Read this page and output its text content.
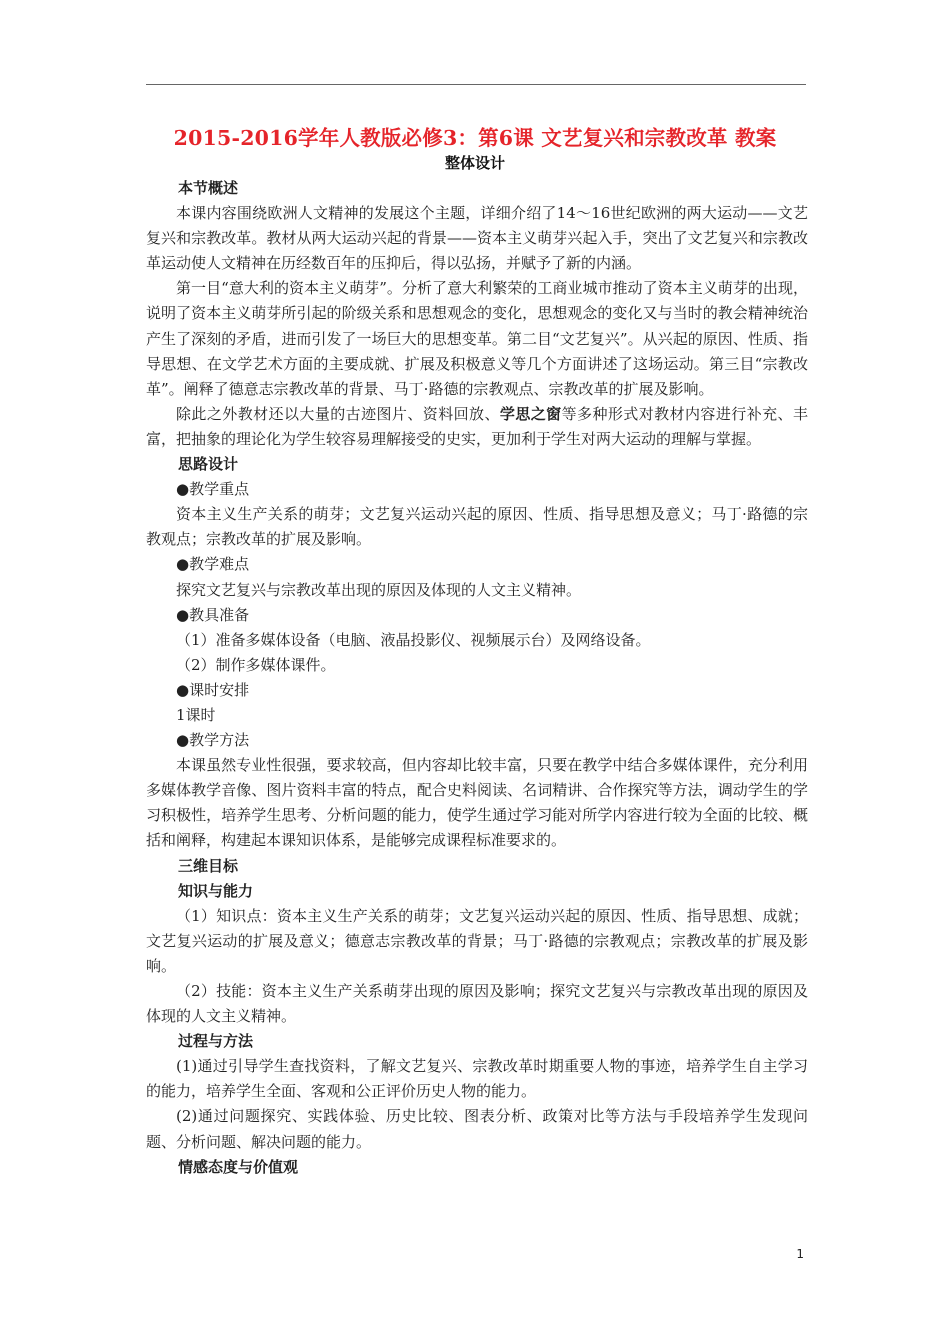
2015-2016学年人教版必修3：第6课 文艺复兴和宗教改革 教案
整体设计

本节概述

本课内容围绕欧洲人文精神的发展这个主题，详细介绍了14～16世纪欧洲的两大运动——文艺复兴和宗教改革。教材从两大运动兴起的背景——资本主义萌芽兴起入手，突出了文艺复兴和宗教改革运动使人文精神在历经数百年的压抑后，得以弘扬，并赋予了新的内涵。

第一目“意大利的资本主义萌芽”。分析了意大利繁荣的工商业城市推动了资本主义萌芽的出现，说明了资本主义萌芽所引起的阶级关系和思想观念的变化，思想观念的变化又与当时的教会精神统治产生了深刻的矛盾，进而引发了一场巨大的思想变革。第二目“文艺复兴”。从兴起的原因、性质、指导思想、在文学艺术方面的主要成就、扩展及积极意义等几个方面讲述了这场运动。第三目“宗教改革”。阐释了德意志宗教改革的背景、马丁·路德的宗教观点、宗教改革的扩展及影响。

除此之外教材还以大量的古迹图片、资料回放、学思之窗等多种形式对教材内容进行补充、丰富，把抽象的理论化为学生较容易理解接受的史实，更加利于学生对两大运动的理解与掌握。

思路设计

●教学重点

资本主义生产关系的萌芽；文艺复兴运动兴起的原因、性质、指导思想及意义；马丁·路德的宗教观点；宗教改革的扩展及影响。

●教学难点

探究文艺复兴与宗教改革出现的原因及体现的人文主义精神。

●教具准备

（1）准备多媒体设备（电脑、液晶投影仪、视频展示台）及网络设备。

（2）制作多媒体课件。

●课时安排

1课时

●教学方法

本课虽然专业性很强，要求较高，但内容却比较丰富，只要在教学中结合多媒体课件，充分利用多媒体教学音像、图片资料丰富的特点，配合史料阅读、名词精讲、合作探究等方法，调动学生的学习积极性，培养学生思考、分析问题的能力，使学生通过学习能对所学内容进行较为全面的比较、概括和阐释，构建起本课知识体系，是能够完成课程标准要求的。

三维目标

知识与能力

（1）知识点：资本主义生产关系的萌芽；文艺复兴运动兴起的原因、性质、指导思想、成就；文艺复兴运动的扩展及意义；德意志宗教改革的背景；马丁·路德的宗教观点；宗教改革的扩展及影响。

（2）技能：资本主义生产关系萌芽出现的原因及影响；探究文艺复兴与宗教改革出现的原因及体现的人文主义精神。

过程与方法

(1)通过引导学生查找资料，了解文艺复兴、宗教改革时期重要人物的事迹，培养学生自主学习的能力，培养学生全面、客观和公正评价历史人物的能力。

(2)通过问题探究、实践体验、历史比较、图表分析、政策对比等方法与手段培养学生发现问题、分析问题、解决问题的能力。

情感态度与价值观

1
